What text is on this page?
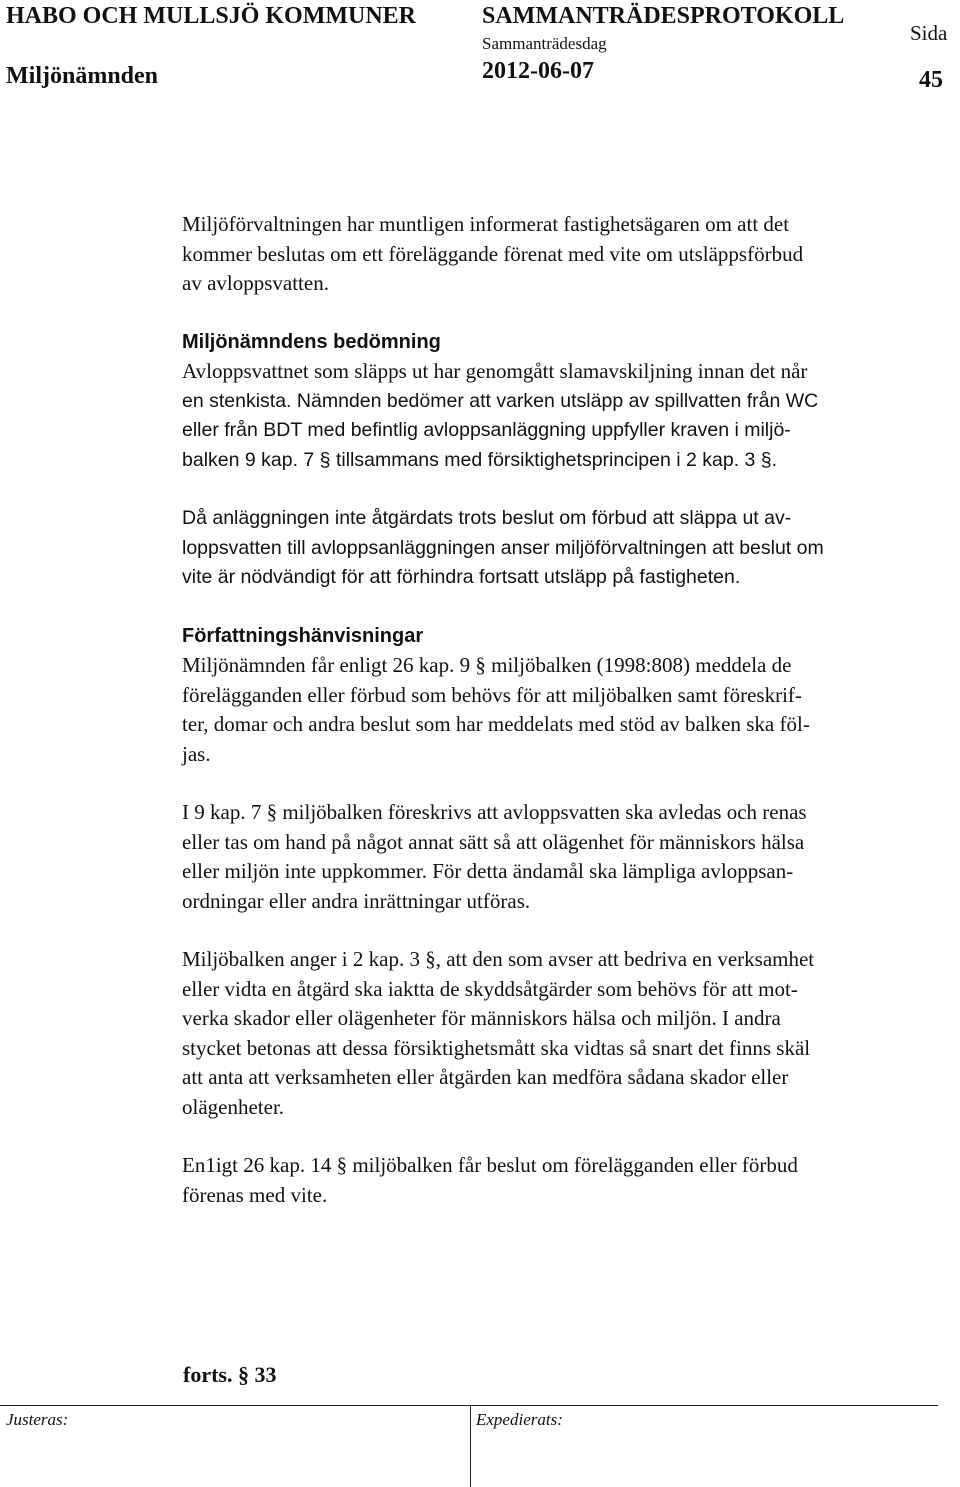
HABO OCH MULLSJÖ KOMMUNER	SAMMANTRÄDESPROTOKOLL
Sida
Sammanträdesdag
Miljönämnden	2012-06-07	45
Miljöförvaltningen har muntligen informerat fastighetsägaren om att det
kommer beslutas om ett föreläggande förenat med vite om utsläppsförbud
av avloppsvatten.
Miljönämndens bedömning
Avloppsvattnet som släpps ut har genomgått slamavskiljning innan det når
en stenkista. Nämnden bedömer att varken utsläpp av spillvatten från WC
eller från BDT med befintlig avloppsanläggning uppfyller kraven i miljö-
balken 9 kap. 7 § tillsammans med försiktighetsprincipen i 2 kap. 3 §.
Då anläggningen inte åtgärdats trots beslut om förbud att släppa ut av-
loppsvatten till avloppsanläggningen anser miljöförvaltningen att beslut om
vite är nödvändigt för att förhindra fortsatt utsläpp på fastigheten.
Författningshänvisningar
Miljönämnden får enligt 26 kap. 9 § miljöbalken (1998:808) meddela de
förelägganden eller förbud som behövs för att miljöbalken samt föreskrif-
ter, domar och andra beslut som har meddelats med stöd av balken ska föl-
jas.
I 9 kap. 7 § miljöbalken föreskrivs att avloppsvatten ska avledas och renas
eller tas om hand på något annat sätt så att olägenhet för människors hälsa
eller miljön inte uppkommer. För detta ändamål ska lämpliga avloppsan-
ordningar eller andra inrättningar utföras.
Miljöbalken anger i 2 kap. 3 §, att den som avser att bedriva en verksamhet
eller vidta en åtgärd ska iaktta de skyddsåtgärder som behövs för att mot-
verka skador eller olägenheter för människors hälsa och miljön. I andra
stycket betonas att dessa försiktighetsmått ska vidtas så snart det finns skäl
att anta att verksamheten eller åtgärden kan medföra sådana skador eller
olägenheter.
En1igt 26 kap. 14 § miljöbalken får beslut om förelägganden eller förbud
förenas med vite.
forts. § 33
Justeras:	Expedierats:
